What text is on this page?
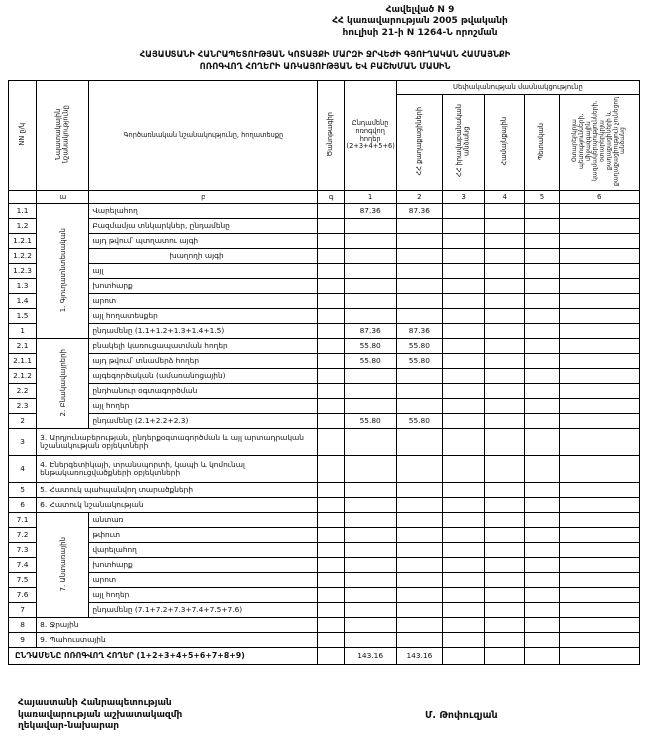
Հավելված N 9
ՀՀ կառավարության 2005 թվականի
հուլիսի 21-ի N 1264-Ն որոշման
ՀԱՅԱՍՏԱՆԻ ՀԱՆՐԱՊԵՏՈՒԹՅԱՆ ԿՈՏԱՅՔԻ ՄԱՐԶԻ ՋՐՎԵԺԻ ԳՅՈՒՂԱԿԱՆ ՀԱՄԱՅՆՔԻ
ՈՌՈԳՎՈՂ ՀՈՂԵՐԻ ԱՌԿԱՅՈՒԹՅԱՆ ԵՎ ԲԱՇԽՄԱՆ ՄԱՍԻՆ
NN ը/կ	Նպատակային նշանակությունը	Գործառնական նշանակությունը, հողատեսքը	Ծանոթագիր	Ընդամենը ոռոգվող հողեր (2+3+4+5+6)	Սեփականության մասնակցությունը				
					ՀՀ քաղաքացիների	ՀՀ իրավաբանական անձանց	Համայնքային	Պետական	Օտարերկրյա պետությունների, միջազգային կազմակերպությունների, օտարերկրյա քաղաքացիների և քաղաքացիություն չունեցող անձանց
	ա	բ	գ	1	2	3	4	5	6
1.1	1. Գյուղատնտեսական	Վարելահող		87.36	87.36				
1.2		Բազմամյա տնկարկներ, ընդամենը							
1.2.1		այդ թվում՝ պտղատու այգի							
1.2.2		խաղողի այգի							
1.2.3		այլ							
1.3		խոտհարք							
1.4		արոտ							
1.5		այլ հողատեսքեր							
1		ընդամենը (1.1+1.2+1.3+1.4+1.5)		87.36	87.36				
2.1	2. Բնակավայրերի	բնակելի կառուցապատման հողեր		55.80	55.80				
2.1.1		այդ թվում՝ տնամերձ հողեր		55.80	55.80				
2.1.2		այգեգործական (ամառանոցային)							
2.2		ընդհանուր օգտագործման							
2.3		այլ հողեր							
2		ընդամենը (2.1+2.2+2.3)		55.80	55.80				
3	3. Արդյունաբերության, ընդերքօգտագործման և այլ արտադրական նշանակության օբյեկտների								
4	4. Էներգետիկայի, տրանսպորտի, կապի և կոմունալ ենթակառուցվածքների օբյեկտների								
5	5. Հատուկ պահպանվող տարածքների								
6	6. Հատուկ նշանակության								
7.1	7. Անտառային	անտառ							
7.2		թփուտ							
7.3		վարելահող							
7.4		խոտհարք							
7.5		արոտ							
7.6		այլ հողեր							
7		ընդամենը (7.1+7.2+7.3+7.4+7.5+7.6)							
8	8. Ջրային								
9	9. Պահուստային								
ԸՆԴԱՄԵՆԸ ՈՌՈԳՎՈՂ ՀՈՂԵՐ (1+2+3+4+5+6+7+8+9)				143.16	143.16				
Հայաստանի Հանրապետության
կառավարության աշխատակազմի
ղեկավար-նախարար
Մ. Թոփուզյան
